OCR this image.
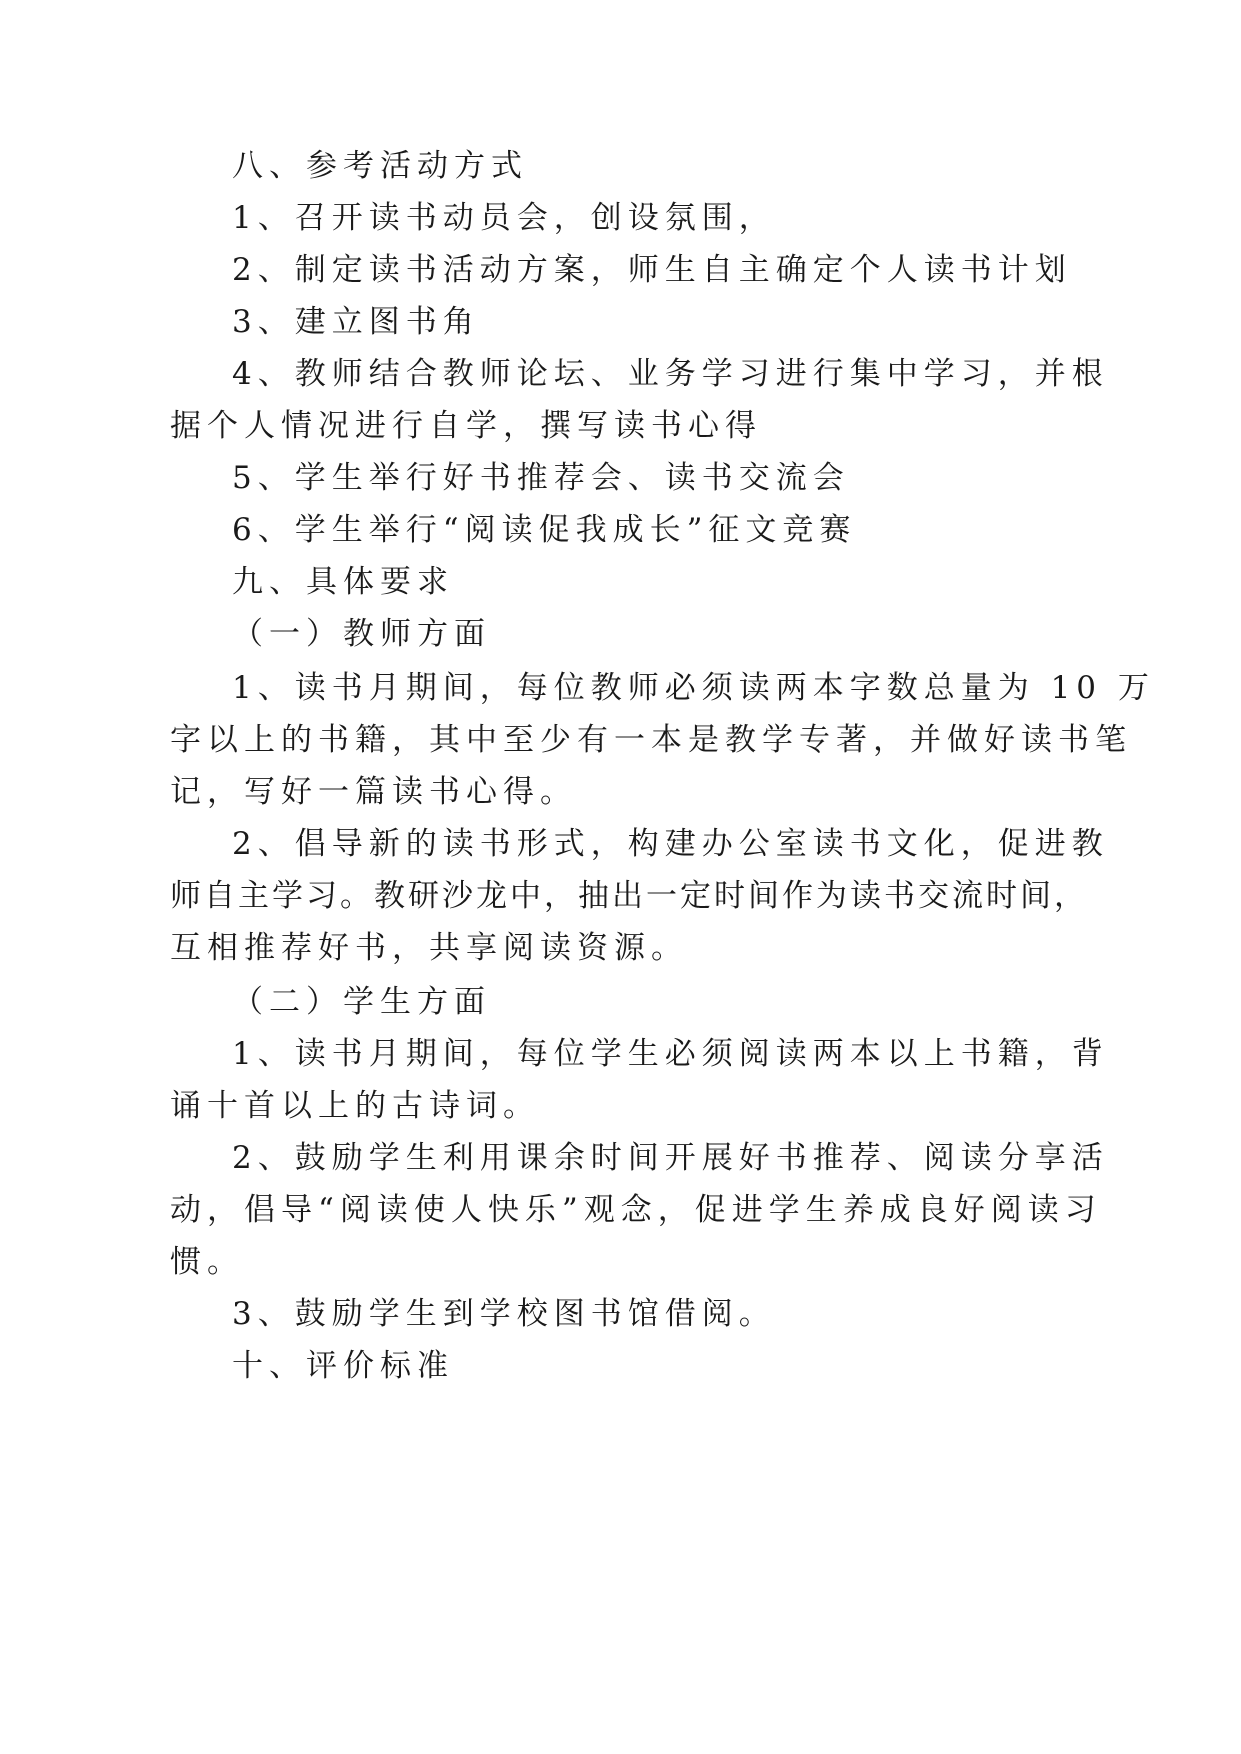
八、参考活动方式
1、召开读书动员会，创设氛围，
2、制定读书活动方案，师生自主确定个人读书计划
3、建立图书角
4、教师结合教师论坛、业务学习进行集中学习，并根
据个人情况进行自学，撰写读书心得
5、学生举行好书推荐会、读书交流会
6、学生举行“阅读促我成长”征文竞赛
九、具体要求
（一）教师方面
1、读书月期间，每位教师必须读两本字数总量为 10 万
字以上的书籍，其中至少有一本是教学专著，并做好读书笔
记，写好一篇读书心得。
2、倡导新的读书形式，构建办公室读书文化，促进教
师自主学习。教研沙龙中，抽出一定时间作为读书交流时间，
互相推荐好书，共享阅读资源。
（二）学生方面
1、读书月期间，每位学生必须阅读两本以上书籍，背
诵十首以上的古诗词。
2、鼓励学生利用课余时间开展好书推荐、阅读分享活
动，倡导“阅读使人快乐”观念，促进学生养成良好阅读习
惯。
3、鼓励学生到学校图书馆借阅。
十、评价标准
